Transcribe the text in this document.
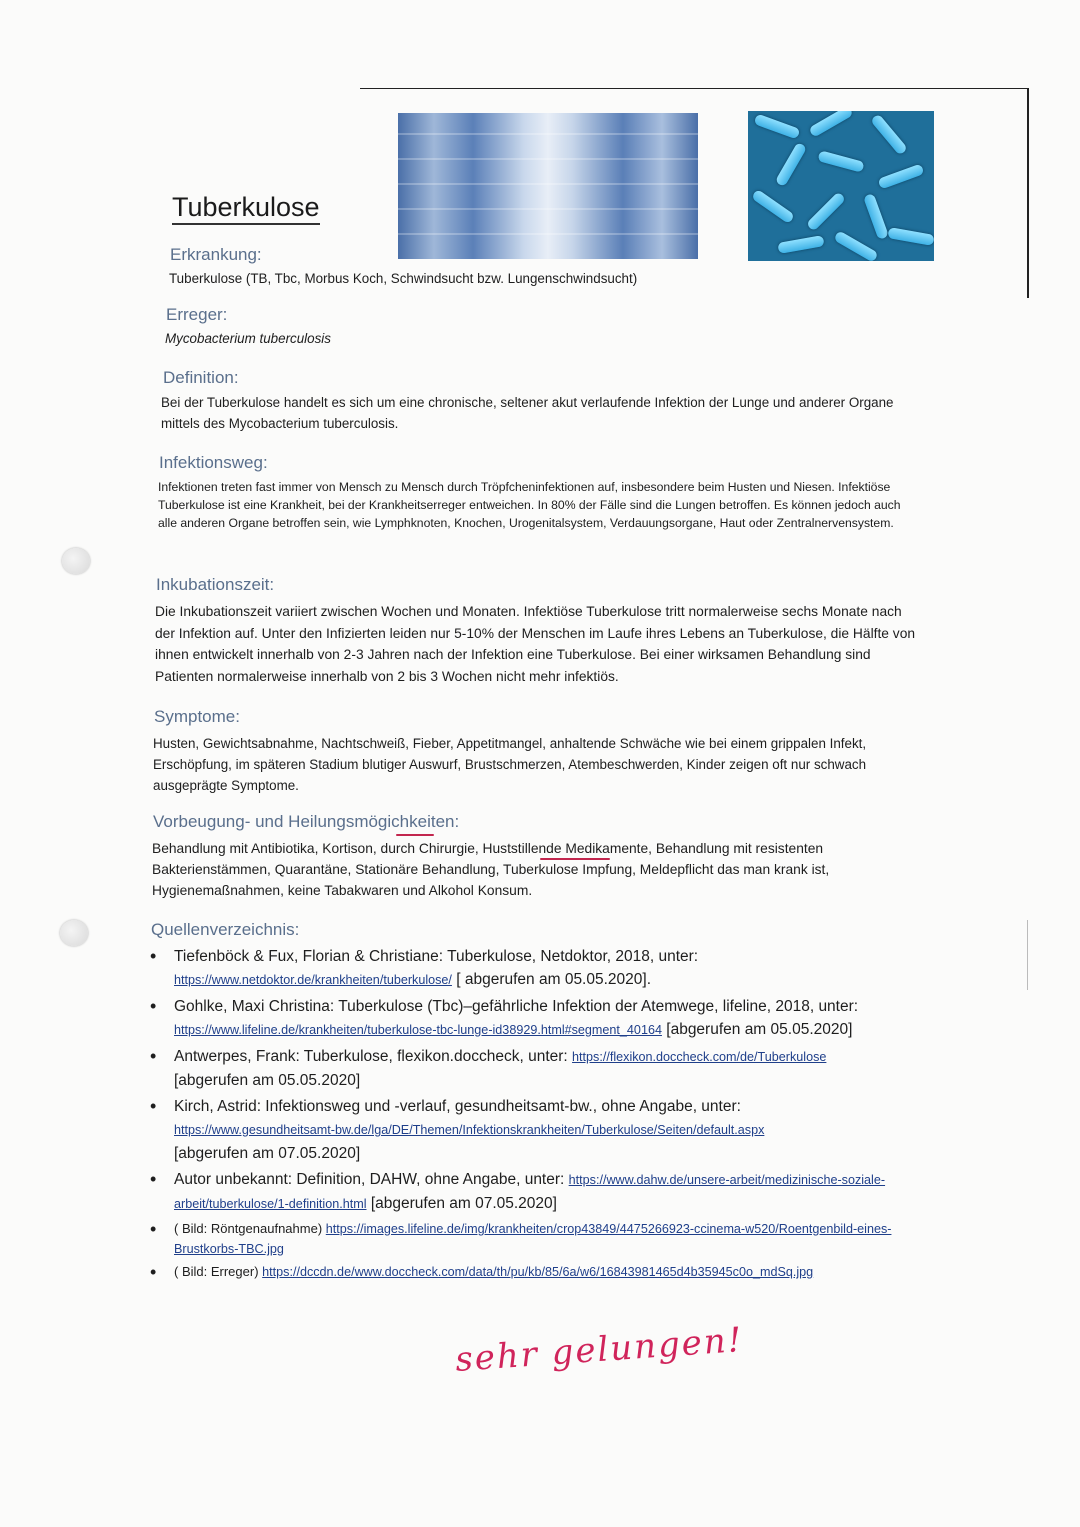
Tuberkulose
Erkrankung:
Tuberkulose (TB, Tbc, Morbus Koch, Schwindsucht bzw. Lungenschwindsucht)
Erreger:
Mycobacterium tuberculosis
Definition:
Bei der Tuberkulose handelt es sich um eine chronische, seltener akut verlaufende Infektion der Lunge und anderer Organe mittels des Mycobacterium tuberculosis.
Infektionsweg:
Infektionen treten fast immer von Mensch zu Mensch durch Tröpfcheninfektionen auf, insbesondere beim Husten und Niesen. Infektiöse Tuberkulose ist eine Krankheit, bei der Krankheitserreger entweichen. In 80% der Fälle sind die Lungen betroffen. Es können jedoch auch alle anderen Organe betroffen sein, wie Lymphknoten, Knochen, Urogenitalsystem, Verdauungsorgane, Haut oder Zentralnervensystem.
Inkubationszeit:
Die Inkubationszeit variiert zwischen Wochen und Monaten. Infektiöse Tuberkulose tritt normalerweise sechs Monate nach der Infektion auf. Unter den Infizierten leiden nur 5-10% der Menschen im Laufe ihres Lebens an Tuberkulose, die Hälfte von ihnen entwickelt innerhalb von 2-3 Jahren nach der Infektion eine Tuberkulose. Bei einer wirksamen Behandlung sind Patienten normalerweise innerhalb von 2 bis 3 Wochen nicht mehr infektiös.
Symptome:
Husten, Gewichtsabnahme, Nachtschweiß, Fieber, Appetitmangel, anhaltende Schwäche wie bei einem grippalen Infekt, Erschöpfung, im späteren Stadium blutiger Auswurf, Brustschmerzen, Atembeschwerden, Kinder zeigen oft nur schwach ausgeprägte Symptome.
Vorbeugung- und Heilungsmögichkeiten:
Behandlung mit Antibiotika, Kortison, durch Chirurgie, Huststillende Medikamente, Behandlung mit resistenten Bakterienstämmen, Quarantäne, Stationäre Behandlung, Tuberkulose Impfung, Meldepflicht das man krank ist, Hygienemaßnahmen, keine Tabakwaren und Alkohol Konsum.
Quellenverzeichnis:
• Tiefenböck & Fux, Florian & Christiane: Tuberkulose, Netdoktor, 2018, unter:
https://www.netdoktor.de/krankheiten/tuberkulose/ [ abgerufen am 05.05.2020].
• Gohlke, Maxi Christina: Tuberkulose (Tbc)–gefährliche Infektion der Atemwege, lifeline, 2018, unter: https://www.lifeline.de/krankheiten/tuberkulose-tbc-lunge-id38929.html#segment_40164 [abgerufen am 05.05.2020]
• Antwerpes, Frank: Tuberkulose, flexikon.doccheck, unter: https://flexikon.doccheck.com/de/Tuberkulose
[abgerufen am 05.05.2020]
• Kirch, Astrid: Infektionsweg und -verlauf, gesundheitsamt-bw., ohne Angabe, unter:
https://www.gesundheitsamt-bw.de/lga/DE/Themen/Infektionskrankheiten/Tuberkulose/Seiten/default.aspx
[abgerufen am 07.05.2020]
• Autor unbekannt: Definition, DAHW, ohne Angabe, unter: https://www.dahw.de/unsere-arbeit/medizinische-soziale-arbeit/tuberkulose/1-definition.html [abgerufen am 07.05.2020]
• ( Bild: Röntgenaufnahme) https://images.lifeline.de/img/krankheiten/crop43849/4475266923-ccinema-w520/Roentgenbild-eines-Brustkorbs-TBC.jpg
• ( Bild: Erreger) https://dccdn.de/www.doccheck.com/data/th/pu/kb/85/6a/w6/16843981465d4b35945c0o_mdSq.jpg
sehr gelungen!
